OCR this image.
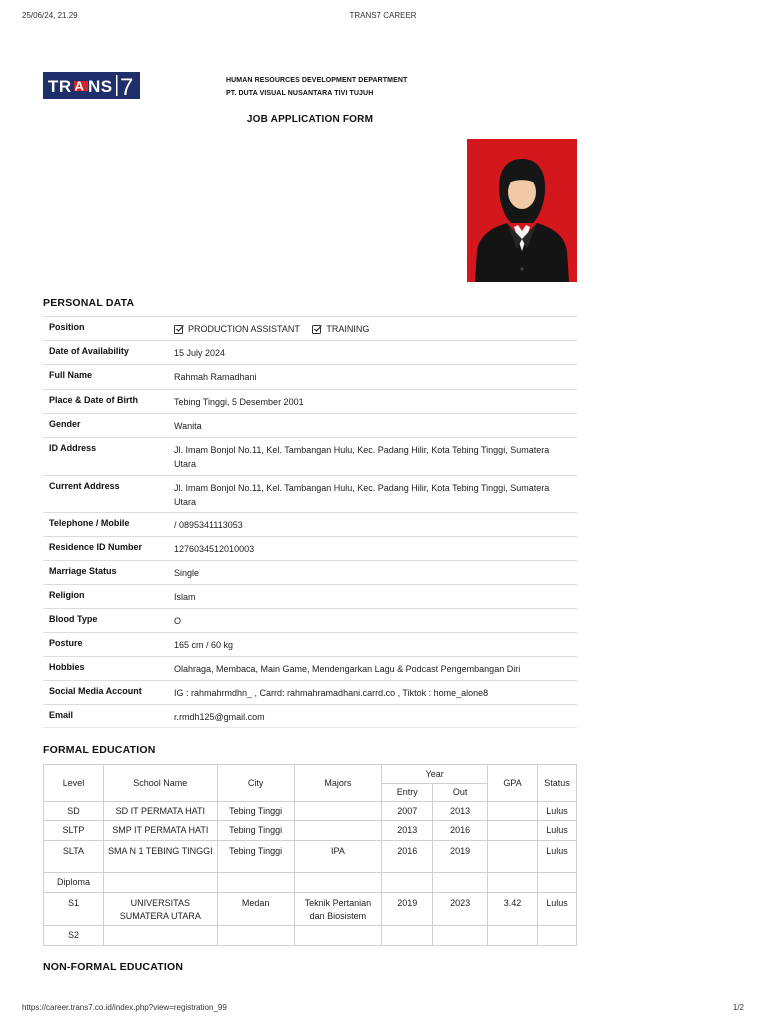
25/06/24, 21.29	TRANS7 CAREER
TR A NS 7	HUMAN RESOURCES DEVELOPMENT DEPARTMENT
PT. DUTA VISUAL NUSANTARA TIVI TUJUH
JOB APPLICATION FORM
PERSONAL DATA
Position	PRODUCTION ASSISTANT
	TRAINING
Date of Availability	15 July 2024
Full Name	Rahmah Ramadhani
Place & Date of Birth	Tebing Tinggi, 5 Desember 2001
Gender	Wanita
ID Address	Jl. Imam Bonjol No.11, Kel. Tambangan Hulu, Kec. Padang Hilir, Kota Tebing Tinggi, Sumatera Utara
Current Address	Jl. Imam Bonjol No.11, Kel. Tambangan Hulu, Kec. Padang Hilir, Kota Tebing Tinggi, Sumatera Utara
Telephone / Mobile	/ 0895341113053
Residence ID Number	1276034512010003
Marriage Status	Single
Religion	Islam
Blood Type	O
Posture	165 cm / 60 kg
Hobbies	Olahraga, Membaca, Main Game, Mendengarkan Lagu & Podcast Pengembangan Diri
Social Media Account	IG : rahmahrmdhn_ , Carrd: rahmahramadhani.carrd.co , Tiktok : home_alone8
Email	r.rmdh125@gmail.com
FORMAL EDUCATION
Level	School Name	City	Majors	Year		GPA	Status
				Entry	Out		
SD	SD IT PERMATA HATI	Tebing Tinggi		2007	2013		Lulus
SLTP	SMP IT PERMATA HATI	Tebing Tinggi		2013	2016		Lulus
SLTA	SMA N 1 TEBING TINGGI	Tebing Tinggi	IPA	2016	2019		Lulus
Diploma							
S1	UNIVERSITAS SUMATERA UTARA	Medan	Teknik Pertanian dan Biosistem	2019	2023	3.42	Lulus
S2							
NON-FORMAL EDUCATION
https://career.trans7.co.id/index.php?view=registration_99	1/2
